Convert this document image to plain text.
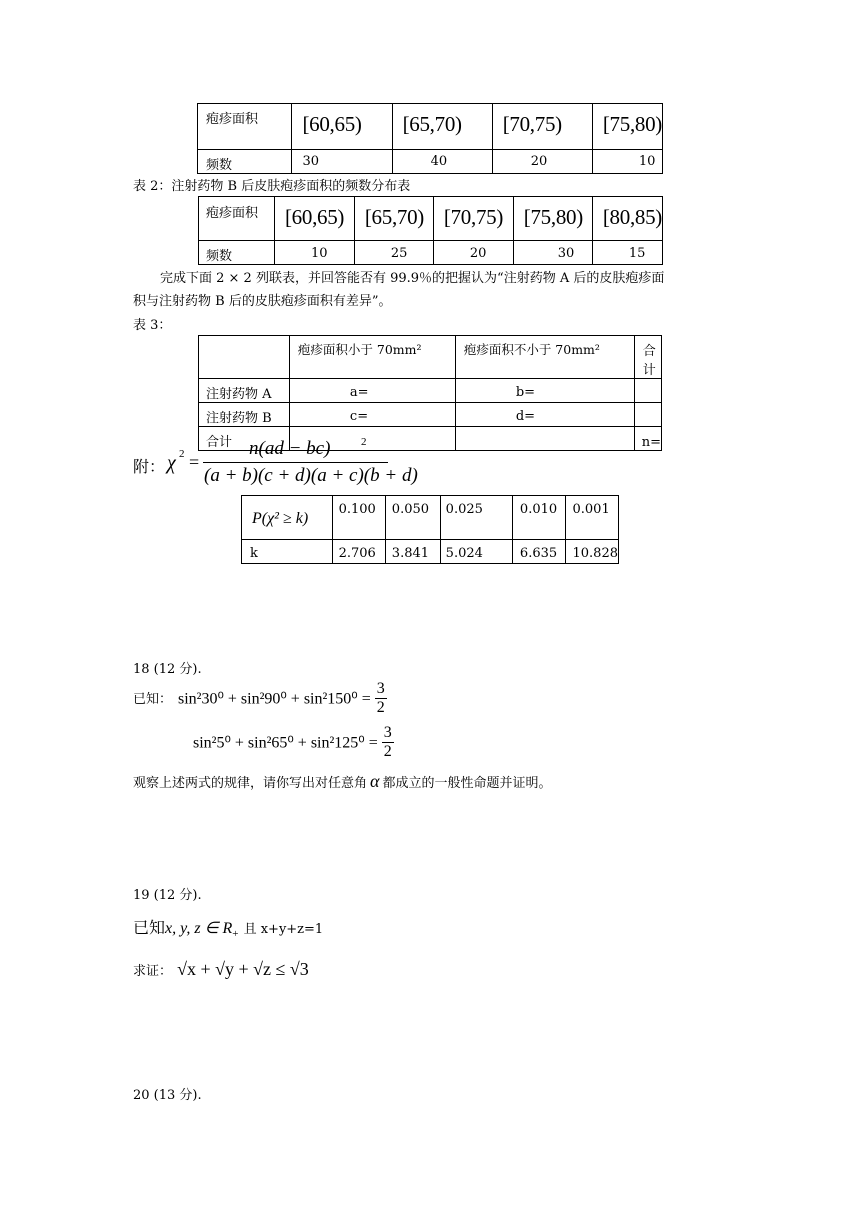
疱疹面积	[60,65)	[65,70)	[70,75)	[75,80)
频数	30	40	20	10
表 2：注射药物 B 后皮肤疱疹面积的频数分布表
疱疹面积	[60,65)	[65,70)	[70,75)	[75,80)	[80,85)
频数	10	25	20	30	15
完成下面 2 × 2 列联表，并回答能否有 99.9％的把握认为“注射药物 A 后的皮肤疱疹面
积与注射药物 B 后的皮肤疱疹面积有差异”。
表 3：
	疱疹面积小于 70mm²	疱疹面积不小于 70mm²	合计
注射药物 A	a=	b=	
注射药物 B	c=	d=	
合计			n=
附： χ 2 =
n(ad − bc)	2
(a + b)(c + d)(a + c)(b + d)
P(χ² ≥ k)	0.100	0.050	0.025	0.010	0.001
k	2.706	3.841	5.024	6.635	10.828
18 (12 分).
已知： $\sin^230^0 + \sin^290^0 + \sin^2150^0 = \frac{3}{2}$
$\sin^25^0 + \sin^265^0 + \sin^2125^0 = \frac{3}{2}$
观察上述两式的规律，请你写出对任意角 α 都成立的一般性命题并证明。
19 (12 分).
已知x, y, z ∈ $R_+$ 且 x+y+z=1
求证： √x + √y + √z ≤ √3
20 (13 分).
